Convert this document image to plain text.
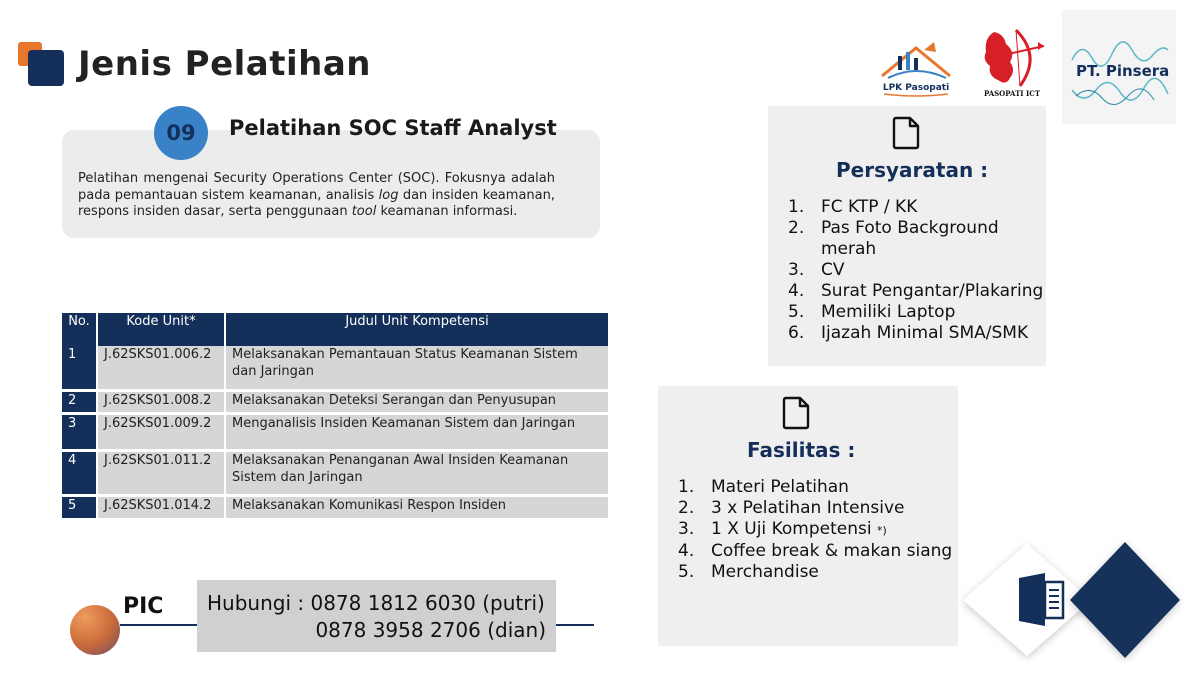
Jenis Pelatihan
LPK Pasopati
PASOPATI ICT
PT. Pinsera
09	Pelatihan SOC Staff Analyst

Pelatihan mengenai Security Operations Center (SOC). Fokusnya adalah pada pemantauan sistem keamanan, analisis log dan insiden keamanan, respons insiden dasar, serta penggunaan tool keamanan informasi.

No.	Kode Unit*	Judul Unit Kompetensi
1	J.62SKS01.006.2	Melaksanakan Pemantauan Status Keamanan Sistem dan Jaringan
2	J.62SKS01.008.2	Melaksanakan Deteksi Serangan dan Penyusupan
3	J.62SKS01.009.2	Menganalisis Insiden Keamanan Sistem dan Jaringan
4	J.62SKS01.011.2	Melaksanakan Penanganan Awal Insiden Keamanan Sistem dan Jaringan
5	J.62SKS01.014.2	Melaksanakan Komunikasi Respon Insiden
PIC Hubungi : 0878 1812 6030 (putri)
0878 3958 2706 (dian)
Persyaratan :
1. FC KTP / KK
2. Pas Foto Background merah
3. CV
4. Surat Pengantar/Plakaring
5. Memiliki Laptop
6. Ijazah Minimal SMA/SMK
Fasilitas :
1. Materi Pelatihan
2. 3 x Pelatihan Intensive
3. 1 X Uji Kompetensi *)
4. Coffee break & makan siang
5. Merchandise
